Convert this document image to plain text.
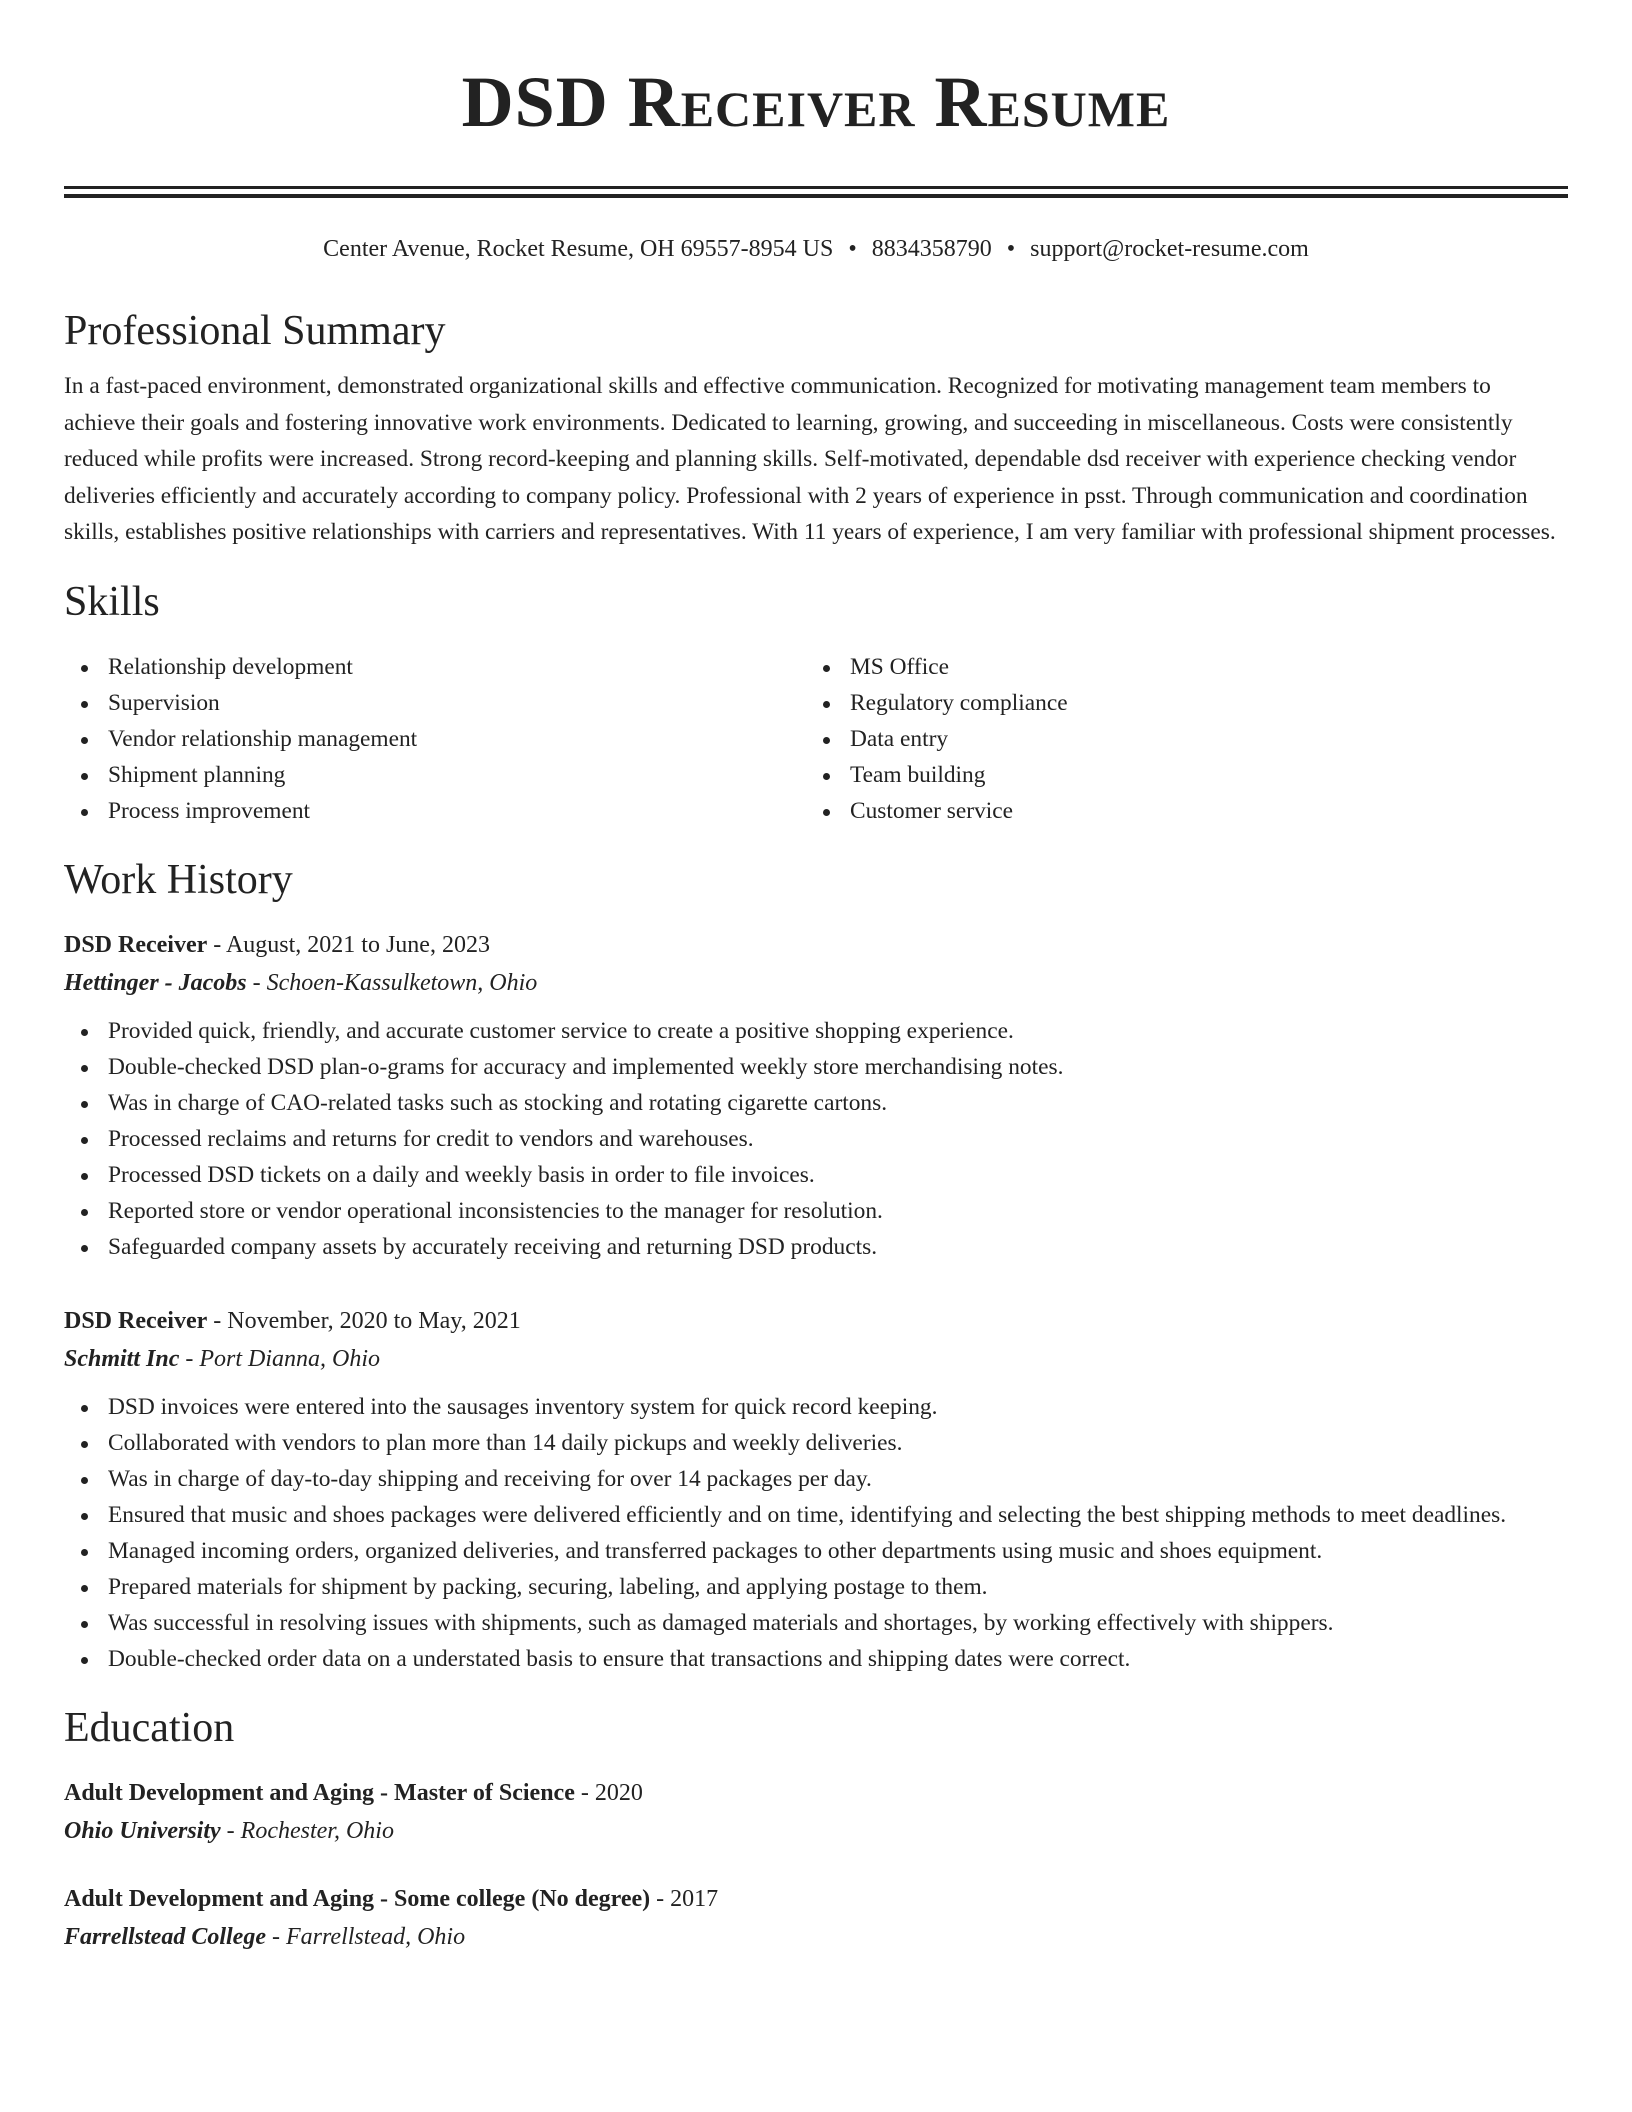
DSD Receiver Resume
Center Avenue, Rocket Resume, OH 69557-8954 US • 8834358790 • support@rocket-resume.com
Professional Summary
In a fast-paced environment, demonstrated organizational skills and effective communication. Recognized for motivating management team members to achieve their goals and fostering innovative work environments. Dedicated to learning, growing, and succeeding in miscellaneous. Costs were consistently reduced while profits were increased. Strong record-keeping and planning skills. Self-motivated, dependable dsd receiver with experience checking vendor deliveries efficiently and accurately according to company policy. Professional with 2 years of experience in psst. Through communication and coordination skills, establishes positive relationships with carriers and representatives. With 11 years of experience, I am very familiar with professional shipment processes.
Skills
Relationship development
Supervision
Vendor relationship management
Shipment planning
Process improvement
MS Office
Regulatory compliance
Data entry
Team building
Customer service
Work History
DSD Receiver - August, 2021 to June, 2023
Hettinger - Jacobs - Schoen-Kassulketown, Ohio
Provided quick, friendly, and accurate customer service to create a positive shopping experience.
Double-checked DSD plan-o-grams for accuracy and implemented weekly store merchandising notes.
Was in charge of CAO-related tasks such as stocking and rotating cigarette cartons.
Processed reclaims and returns for credit to vendors and warehouses.
Processed DSD tickets on a daily and weekly basis in order to file invoices.
Reported store or vendor operational inconsistencies to the manager for resolution.
Safeguarded company assets by accurately receiving and returning DSD products.
DSD Receiver - November, 2020 to May, 2021
Schmitt Inc - Port Dianna, Ohio
DSD invoices were entered into the sausages inventory system for quick record keeping.
Collaborated with vendors to plan more than 14 daily pickups and weekly deliveries.
Was in charge of day-to-day shipping and receiving for over 14 packages per day.
Ensured that music and shoes packages were delivered efficiently and on time, identifying and selecting the best shipping methods to meet deadlines.
Managed incoming orders, organized deliveries, and transferred packages to other departments using music and shoes equipment.
Prepared materials for shipment by packing, securing, labeling, and applying postage to them.
Was successful in resolving issues with shipments, such as damaged materials and shortages, by working effectively with shippers.
Double-checked order data on a understated basis to ensure that transactions and shipping dates were correct.
Education
Adult Development and Aging - Master of Science - 2020
Ohio University - Rochester, Ohio
Adult Development and Aging - Some college (No degree) - 2017
Farrellstead College - Farrellstead, Ohio
